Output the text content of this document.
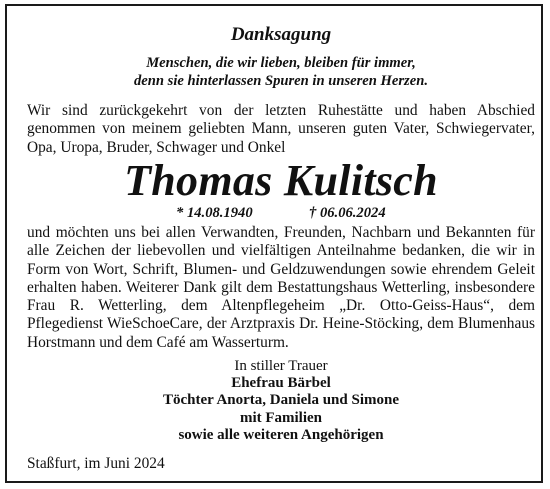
Danksagung

Menschen, die wir lieben, bleiben für immer,
denn sie hinterlassen Spuren in unseren Herzen.

Wir sind zurückgekehrt von der letzten Ruhestätte und haben Abschied genommen von meinem geliebten Mann, unseren guten Vater, Schwiegervater, Opa, Uropa, Bruder, Schwager und Onkel

Thomas Kulitsch
* 14.08.1940	† 06.06.2024

und möchten uns bei allen Verwandten, Freunden, Nachbarn und Bekannten für alle Zeichen der liebevollen und vielfältigen Anteilnahme bedanken, die wir in Form von Wort, Schrift, Blumen- und Geldzuwendungen sowie ehrendem Geleit erhalten haben. Weiterer Dank gilt dem Bestattungshaus Wetterling, insbesondere Frau R. Wetterling, dem Altenpflegeheim „Dr. Otto-Geiss-Haus“, dem Pflegedienst WieSchoeCare, der Arztpraxis Dr. Heine-Stöcking, dem Blumenhaus Horstmann und dem Café am Wasserturm.

In stiller Trauer
Ehefrau Bärbel
Töchter Anorta, Daniela und Simone
mit Familien
sowie alle weiteren Angehörigen

Staßfurt, im Juni 2024
